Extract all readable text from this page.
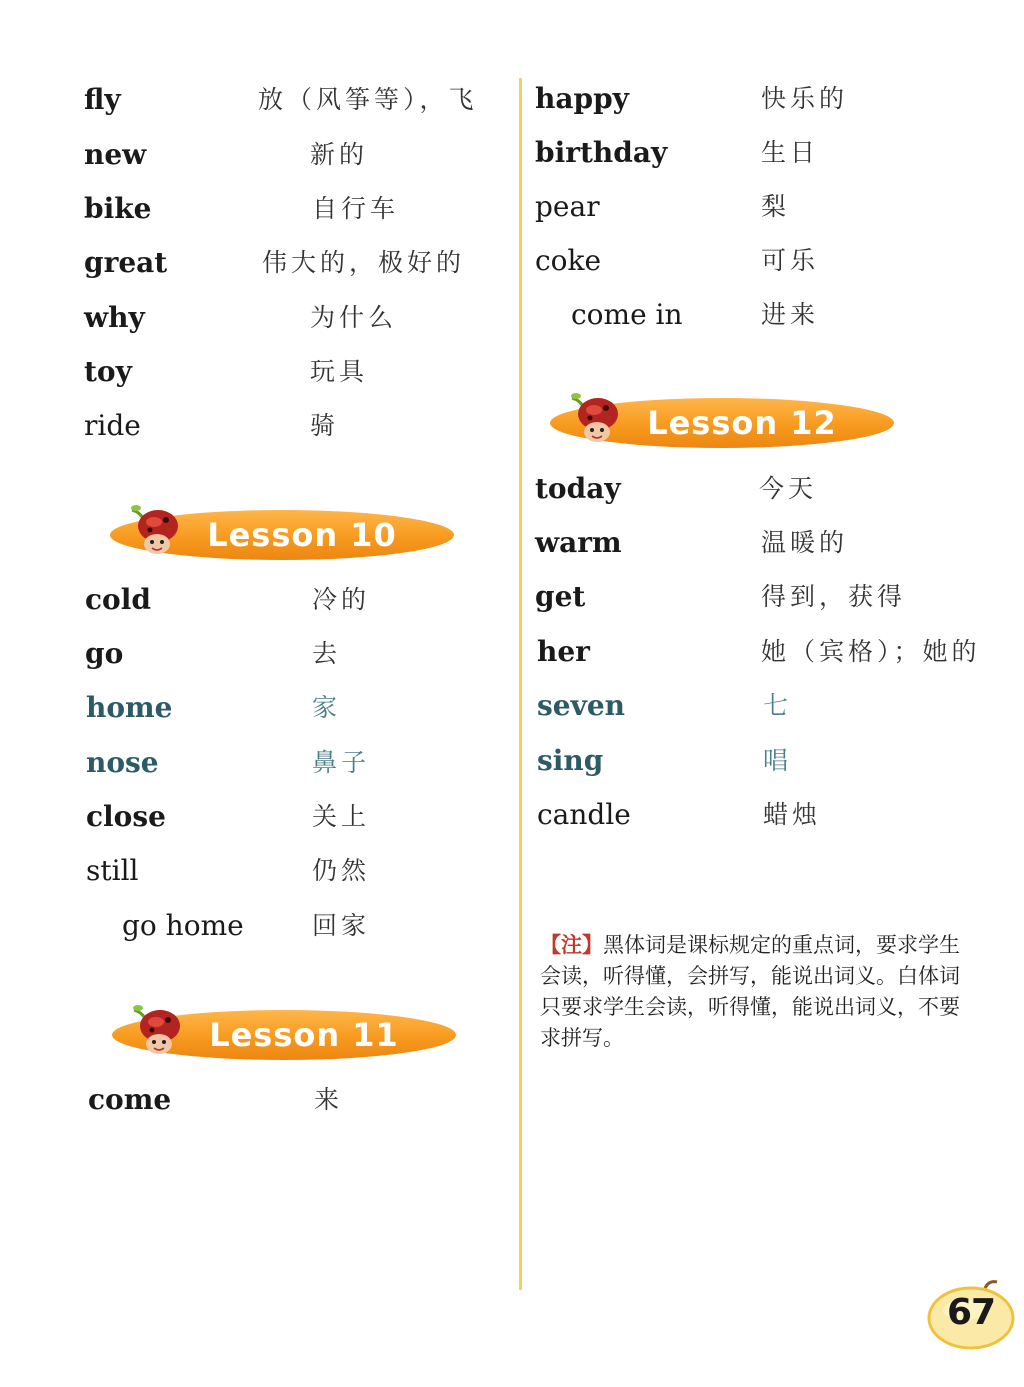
fly	放（风筝等），飞
new	新的
bike	自行车
great	伟大的，极好的
why	为什么
toy	玩具
ride	骑
Lesson 10
cold	冷的
go	去
home	家
nose	鼻子
close	关上
still	仍然
go home	回家
Lesson 11
come	来
happy	快乐的
birthday	生日
pear	梨
coke	可乐
come in	进来
Lesson 12
today	今天
warm	温暖的
get	得到，获得
her	她（宾格）；她的
seven	七
sing	唱
candle	蜡烛
【注】黑体词是课标规定的重点词，要求学生会读，听得懂，会拼写，能说出词义。白体词只要求学生会读，听得懂，能说出词义，不要求拼写。
67
